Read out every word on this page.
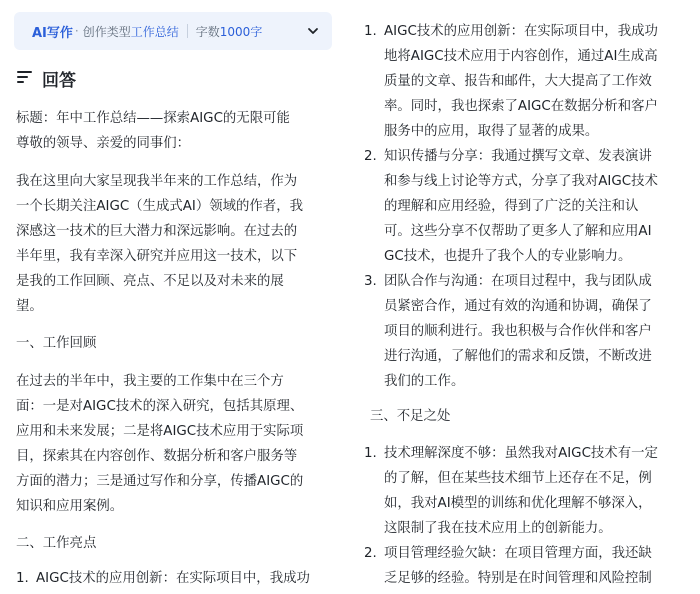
AI写作 · 创作类型 工作总结 字数 1000字
回答
标题：年中工作总结——探索AIGC的无限可能
尊敬的领导、亲爱的同事们：
我在这里向大家呈现我半年来的工作总结，作为
一个长期关注AIGC（生成式AI）领域的作者，我
深感这一技术的巨大潜力和深远影响。在过去的
半年里，我有幸深入研究并应用这一技术，以下
是我的工作回顾、亮点、不足以及对未来的展
望。
一、工作回顾
在过去的半年中，我主要的工作集中在三个方
面：一是对AIGC技术的深入研究，包括其原理、
应用和未来发展；二是将AIGC技术应用于实际项
目，探索其在内容创作、数据分析和客户服务等
方面的潜力；三是通过写作和分享，传播AIGC的
知识和应用案例。
二、工作亮点
1. AIGC技术的应用创新：在实际项目中，我成功
1. AIGC技术的应用创新：在实际项目中，我成功
地将AIGC技术应用于内容创作，通过AI生成高
质量的文章、报告和邮件，大大提高了工作效
率。同时，我也探索了AIGC在数据分析和客户
服务中的应用，取得了显著的成果。
2. 知识传播与分享：我通过撰写文章、发表演讲
和参与线上讨论等方式，分享了我对AIGC技术
的理解和应用经验，得到了广泛的关注和认
可。这些分享不仅帮助了更多人了解和应用AI
GC技术，也提升了我个人的专业影响力。
3. 团队合作与沟通：在项目过程中，我与团队成
员紧密合作，通过有效的沟通和协调，确保了
项目的顺利进行。我也积极与合作伙伴和客户
进行沟通，了解他们的需求和反馈，不断改进
我们的工作。
三、不足之处
1. 技术理解深度不够：虽然我对AIGC技术有一定
的了解，但在某些技术细节上还存在不足，例
如，我对AI模型的训练和优化理解不够深入，
这限制了我在技术应用上的创新能力。
2. 项目管理经验欠缺：在项目管理方面，我还缺
乏足够的经验。特别是在时间管理和风险控制
